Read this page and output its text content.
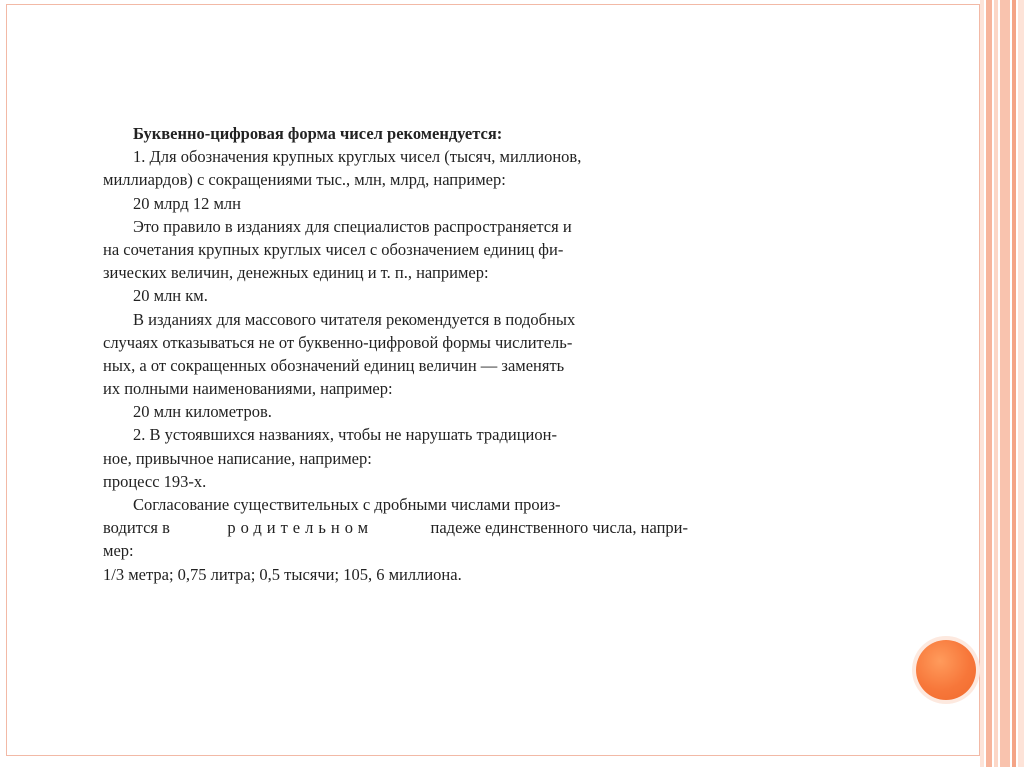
Буквенно-цифровая форма чисел рекомендуется:
1. Для обозначения крупных круглых чисел (тысяч, миллионов,
миллиардов) с сокращениями тыс., млн, млрд, например:
20 млрд 12 млн
Это правило в изданиях для специалистов распространяется и
на сочетания крупных круглых чисел с обозначением единиц фи-
зических величин, денежных единиц и т. п., например:
20 млн км.
В изданиях для массового читателя рекомендуется в подобных
случаях отказываться не от буквенно-цифровой формы числитель-
ных, а от сокращенных обозначений единиц величин — заменять
их полными наименованиями, например:
20 млн километров.
2. В устоявшихся названиях, чтобы не нарушать традицион-
ное, привычное написание, например:
процесс 193-х.
Согласование существительных с дробными числами произ-
водится в	родительном	падеже единственного числа, напри-
мер:
1/3 метра; 0,75 литра; 0,5 тысячи; 105, 6 миллиона.
